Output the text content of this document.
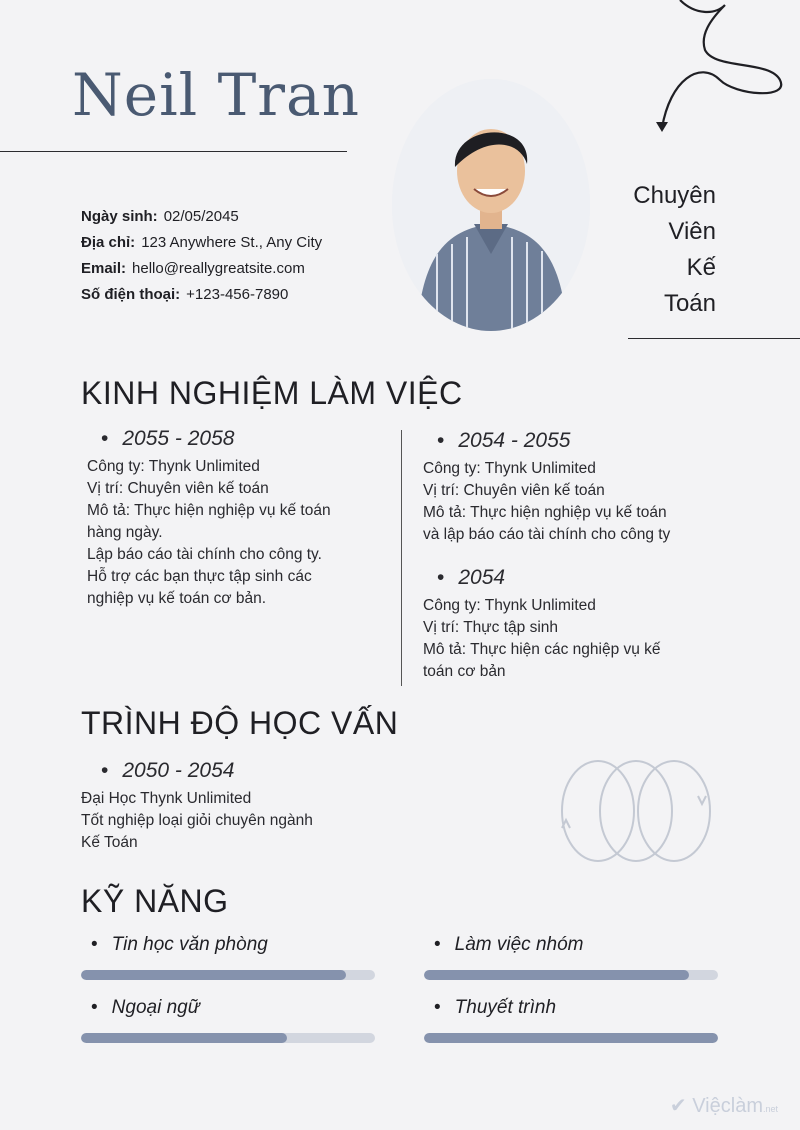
Neil Tran
Ngày sinh: 02/05/2045
Địa chỉ: 123 Anywhere St., Any City
Email: hello@reallygreatsite.com
Số điện thoại: +123-456-7890
Chuyên
Viên
Kế
Toán
KINH NGHIỆM LÀM VIỆC
• 2055 - 2058
Công ty: Thynk Unlimited
Vị trí: Chuyên viên kế toán
Mô tả: Thực hiện nghiệp vụ kế toán
hàng ngày.
Lập báo cáo tài chính cho công ty.
Hỗ trợ các bạn thực tập sinh các
nghiệp vụ kế toán cơ bản.
• 2054 - 2055
Công ty: Thynk Unlimited
Vị trí: Chuyên viên kế toán
Mô tả: Thực hiện nghiệp vụ kế toán
và lập báo cáo tài chính cho công ty
• 2054
Công ty: Thynk Unlimited
Vị trí: Thực tập sinh
Mô tả: Thực hiện các nghiệp vụ kế
toán cơ bản
TRÌNH ĐỘ HỌC VẤN
• 2050 - 2054
Đại Học Thynk Unlimited
Tốt nghiệp loại giỏi chuyên ngành
Kế Toán
KỸ NĂNG
• Tin học văn phòng	• Làm việc nhóm
• Ngoại ngữ	• Thuyết trình
✔ Việclàm.net
